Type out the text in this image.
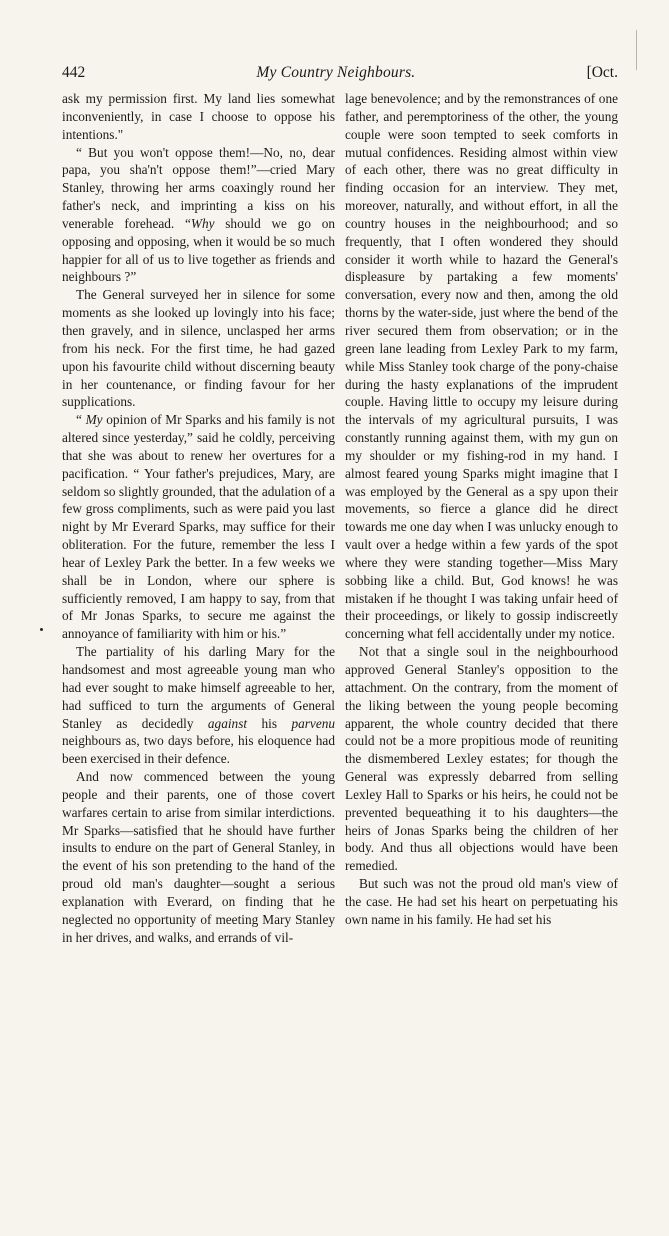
442	My Country Neighbours.	[Oct.

ask my permission first. My land lies somewhat inconveniently, in case I choose to oppose his intentions."

“ But you won't oppose them!—No, no, dear papa, you sha'n't oppose them!”—cried Mary Stanley, throwing her arms coaxingly round her father's neck, and imprinting a kiss on his venerable forehead. “Why should we go on opposing and opposing, when it would be so much happier for all of us to live together as friends and neighbours ?”

The General surveyed her in silence for some moments as she looked up lovingly into his face; then gravely, and in silence, unclasped her arms from his neck. For the first time, he had gazed upon his favourite child without discerning beauty in her countenance, or finding favour for her supplications.

“ My opinion of Mr Sparks and his family is not altered since yesterday,” said he coldly, perceiving that she was about to renew her overtures for a pacification. “ Your father's prejudices, Mary, are seldom so slightly grounded, that the adulation of a few gross compliments, such as were paid you last night by Mr Everard Sparks, may suffice for their obliteration. For the future, remember the less I hear of Lexley Park the better. In a few weeks we shall be in London, where our sphere is sufficiently removed, I am happy to say, from that of Mr Jonas Sparks, to secure me against the annoyance of familiarity with him or his.”

The partiality of his darling Mary for the handsomest and most agreeable young man who had ever sought to make himself agreeable to her, had sufficed to turn the arguments of General Stanley as decidedly against his parvenu neighbours as, two days before, his eloquence had been exercised in their defence.

And now commenced between the young people and their parents, one of those covert warfares certain to arise from similar interdictions. Mr Sparks—satisfied that he should have further insults to endure on the part of General Stanley, in the event of his son pretending to the hand of the proud old man's daughter—sought a serious explanation with Everard, on finding that he neglected no opportunity of meeting Mary Stanley in her drives, and walks, and errands of vil-

lage benevolence; and by the remonstrances of one father, and peremptoriness of the other, the young couple were soon tempted to seek comforts in mutual confidences. Residing almost within view of each other, there was no great difficulty in finding occasion for an interview. They met, moreover, naturally, and without effort, in all the country houses in the neighbourhood; and so frequently, that I often wondered they should consider it worth while to hazard the General's displeasure by partaking a few moments' conversation, every now and then, among the old thorns by the water-side, just where the bend of the river secured them from observation; or in the green lane leading from Lexley Park to my farm, while Miss Stanley took charge of the pony-chaise during the hasty explanations of the imprudent couple. Having little to occupy my leisure during the intervals of my agricultural pursuits, I was constantly running against them, with my gun on my shoulder or my fishing-rod in my hand. I almost feared young Sparks might imagine that I was employed by the General as a spy upon their movements, so fierce a glance did he direct towards me one day when I was unlucky enough to vault over a hedge within a few yards of the spot where they were standing together—Miss Mary sobbing like a child. But, God knows! he was mistaken if he thought I was taking unfair heed of their proceedings, or likely to gossip indiscreetly concerning what fell accidentally under my notice.

Not that a single soul in the neighbourhood approved General Stanley's opposition to the attachment. On the contrary, from the moment of the liking between the young people becoming apparent, the whole country decided that there could not be a more propitious mode of reuniting the dismembered Lexley estates; for though the General was expressly debarred from selling Lexley Hall to Sparks or his heirs, he could not be prevented bequeathing it to his daughters—the heirs of Jonas Sparks being the children of her body. And thus all objections would have been remedied.

But such was not the proud old man's view of the case. He had set his heart on perpetuating his own name in his family. He had set his
